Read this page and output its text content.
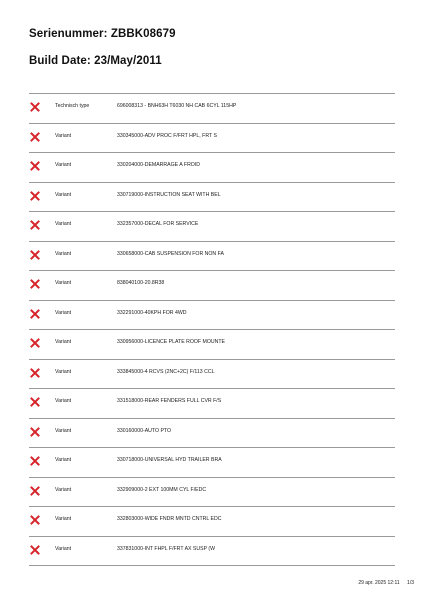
Serienummer: ZBBK08679
Build Date: 23/May/2011
Technisch type	696008313 - BNH63H T6030 NH CAB 6CYL 115HP
Variant	330345000-ADV PROC F/FRT HPL, FRT S
Variant	330204000-DEMARRAGE A FROID
Variant	330719000-INSTRUCTION SEAT WITH BEL
Variant	332357000-DECAL FOR SERVICE
Variant	330658000-CAB SUSPENSION FOR NON FA
Variant	838040100-20.8R38
Variant	332291000-40KPH FOR 4WD
Variant	330956000-LICENCE PLATE ROOF MOUNTE
Variant	333845000-4 RCVS (2NC+2C) F/113 CCL
Variant	331518000-REAR FENDERS FULL CVR F/S
Variant	330160000-AUTO PTO
Variant	330718000-UNIVERSAL HYD TRAILER BRA
Variant	332909000-2 EXT 100MM CYL F/EDC
Variant	332803000-WIDE FNDR MNTD CNTRL EDC
Variant	337831000-INT FHPL F/FRT AX SUSP (W
29 apr. 2025 12:11 1/3
